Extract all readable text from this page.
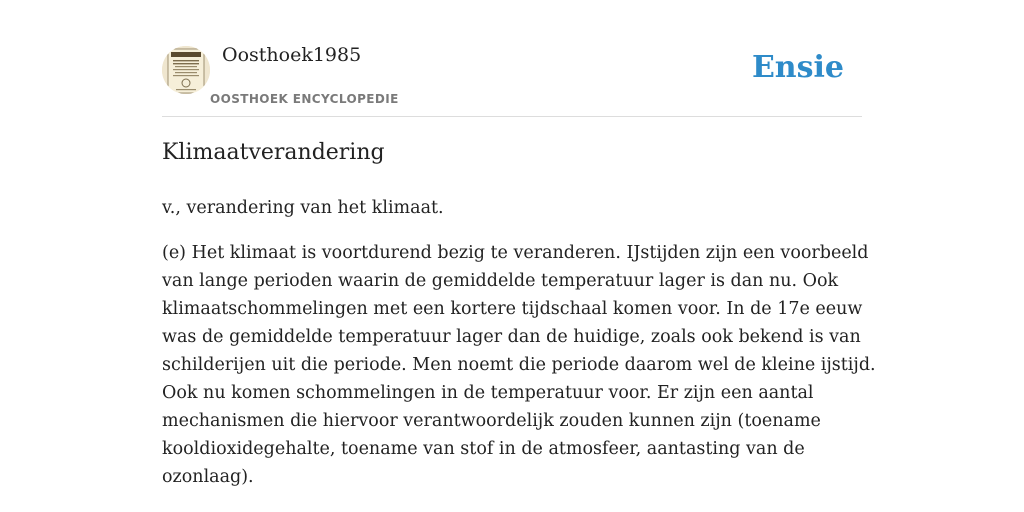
Oosthoek1985
OOSTHOEK ENCYCLOPEDIE
Ensie
Klimaatverandering

v., verandering van het klimaat.

(e) Het klimaat is voortdurend bezig te veranderen. IJstijden zijn een voorbeeld
van lange perioden waarin de gemiddelde temperatuur lager is dan nu. Ook
klimaatschommelingen met een kortere tijdschaal komen voor. In de 17e eeuw
was de gemiddelde temperatuur lager dan de huidige, zoals ook bekend is van
schilderijen uit die periode. Men noemt die periode daarom wel de kleine ijstijd.
Ook nu komen schommelingen in de temperatuur voor. Er zijn een aantal
mechanismen die hiervoor verantwoordelijk zouden kunnen zijn (toename
kooldioxidegehalte, toename van stof in de atmosfeer, aantasting van de
ozonlaag).
